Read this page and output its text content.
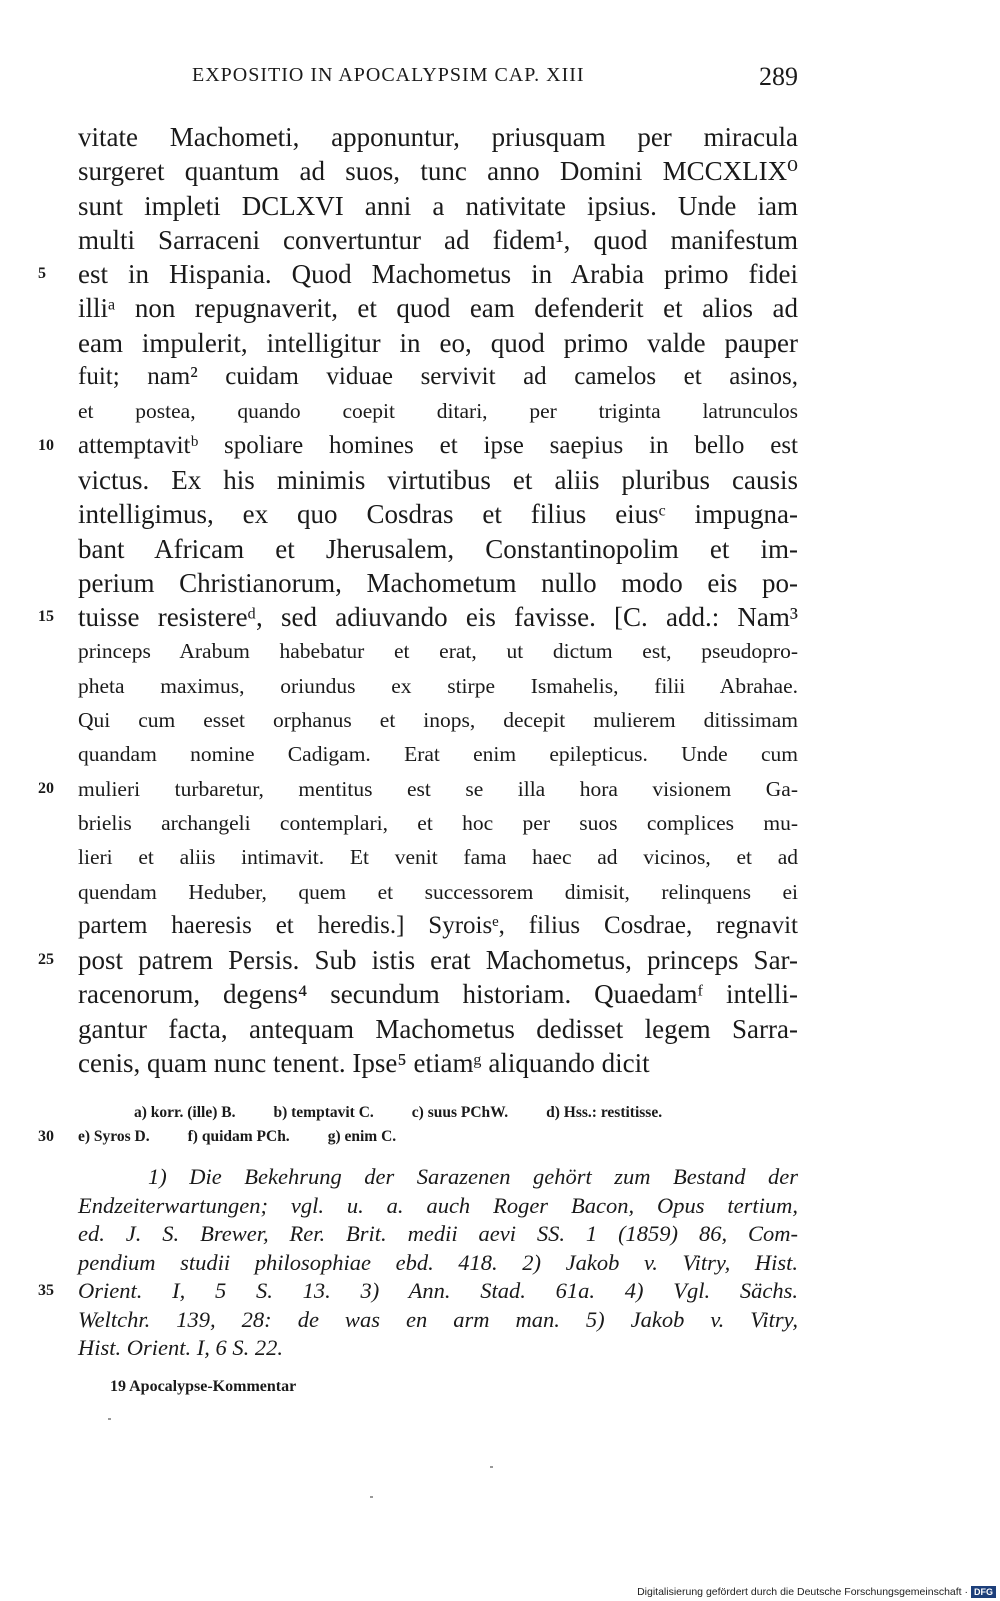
EXPOSITIO IN APOCALYPSIM CAP. XIII	289
vitate Machometi, apponuntur, priusquam per miracula
surgeret quantum ad suos, tunc anno Domini MCCXLIX⁰
sunt impleti DCLXVI anni a nativitate ipsius. Unde iam
multi Sarraceni convertuntur ad fidem¹, quod manifestum
5	est in Hispania. Quod Machometus in Arabia primo fidei
illiᵃ non repugnaverit, et quod eam defenderit et alios ad
eam impulerit, intelligitur in eo, quod primo valde pauper
fuit; nam² cuidam viduae servivit ad camelos et asinos,
et postea, quando coepit ditari, per triginta latrunculos
10 attemptavitᵇ spoliare homines et ipse saepius in bello est
victus. Ex his minimis virtutibus et aliis pluribus causis
intelligimus, ex quo Cosdras et filius eiusᶜ impugna-
bant Africam et Jherusalem, Constantinopolim et im-
perium Christianorum, Machometum nullo modo eis po-
15 tuisse resistereᵈ, sed adiuvando eis favisse. [C. add.: Nam³
princeps Arabum habebatur et erat, ut dictum est, pseudopro-
pheta maximus, oriundus ex stirpe Ismahelis, filii Abrahae.
Qui cum esset orphanus et inops, decepit mulierem ditissimam
quandam nomine Cadigam. Erat enim epilepticus. Unde cum
20	mulieri turbaretur, mentitus est se illa hora visionem Ga-
brielis archangeli contemplari, et hoc per suos complices mu-
lieri et aliis intimavit. Et venit fama haec ad vicinos, et ad
quendam Heduber, quem et successorem dimisit, relinquens ei
partem haeresis et heredis.] Syroisᵉ, filius Cosdrae, regnavit
25 post patrem Persis. Sub istis erat Machometus, princeps Sar-
racenorum, degens⁴ secundum historiam. Quaedamᶠ intelli-
gantur facta, antequam Machometus dedisset legem Sarra-
cenis, quam nunc tenent. Ipse⁵ etiamᵍ aliquando dicit
a) korr. (ille) B. b) temptavit C. c) suus PChW. d) Hss.: restitisse.
30	e) Syros D. f) quidam PCh. g) enim C.
1) Die Bekehrung der Sarazenen gehört zum Bestand der
Endzeiterwartungen; vgl. u. a. auch Roger Bacon, Opus tertium,
ed. J. S. Brewer, Rer. Brit. medii aevi SS. 1 (1859) 86, Com-
pendium studii philosophiae ebd. 418. 2) Jakob v. Vitry, Hist.
35	Orient. I, 5 S. 13. 3) Ann. Stad. 61a. 4) Vgl. Sächs.
Weltchr. 139, 28: de was en arm man. 5) Jakob v. Vitry,
Hist. Orient. I, 6 S. 22.
19 Apocalypse-Kommentar
Digitalisierung gefördert durch die Deutsche Forschungsgemeinschaft · DFG
